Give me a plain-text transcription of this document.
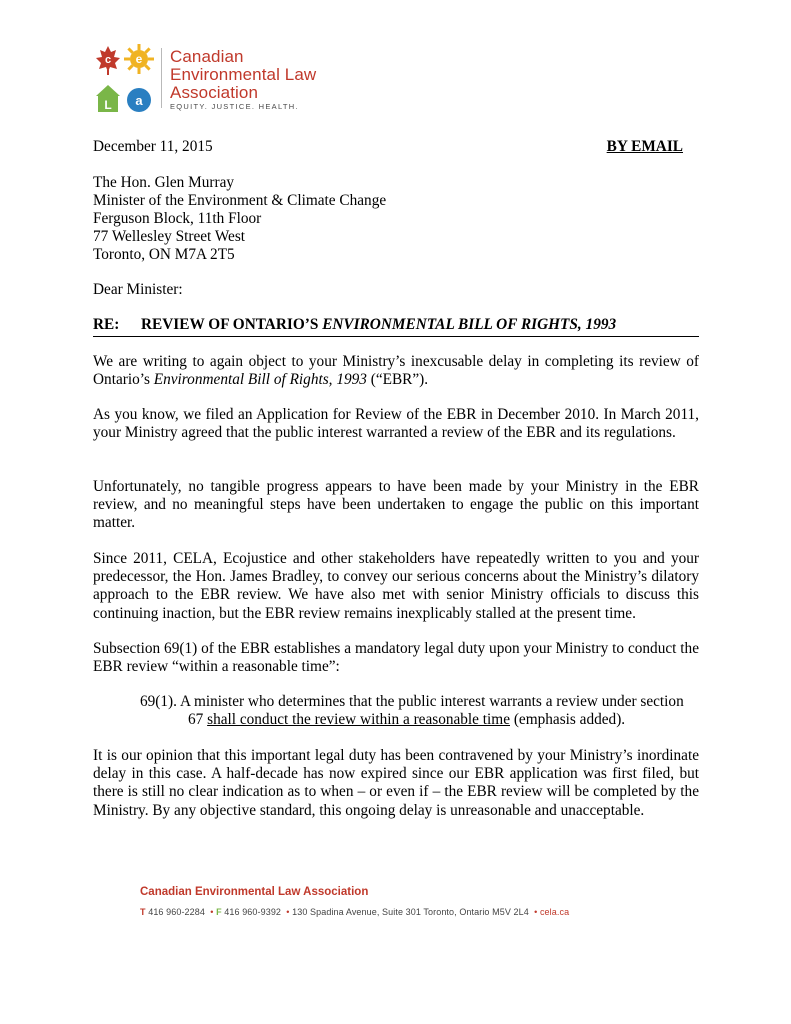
c e
L a
Canadian
Environmental Law
Association
EQUITY. JUSTICE. HEALTH.
December 11, 2015	BY EMAIL
The Hon. Glen Murray
Minister of the Environment & Climate Change
Ferguson Block, 11th Floor
77 Wellesley Street West
Toronto, ON M7A 2T5
Dear Minister:
RE: REVIEW OF ONTARIO’S ENVIRONMENTAL BILL OF RIGHTS, 1993
We are writing to again object to your Ministry’s inexcusable delay in completing its review of Ontario’s Environmental Bill of Rights, 1993 (“EBR”).
As you know, we filed an Application for Review of the EBR in December 2010. In March 2011, your Ministry agreed that the public interest warranted a review of the EBR and its regulations.
Unfortunately, no tangible progress appears to have been made by your Ministry in the EBR review, and no meaningful steps have been undertaken to engage the public on this important matter.
Since 2011, CELA, Ecojustice and other stakeholders have repeatedly written to you and your predecessor, the Hon. James Bradley, to convey our serious concerns about the Ministry’s dilatory approach to the EBR review. We have also met with senior Ministry officials to discuss this continuing inaction, but the EBR review remains inexplicably stalled at the present time.
Subsection 69(1) of the EBR establishes a mandatory legal duty upon your Ministry to conduct the EBR review “within a reasonable time”:
69(1). A minister who determines that the public interest warrants a review under section
67 shall conduct the review within a reasonable time (emphasis added).
It is our opinion that this important legal duty has been contravened by your Ministry’s inordinate delay in this case. A half-decade has now expired since our EBR application was first filed, but there is still no clear indication as to when – or even if – the EBR review will be completed by the Ministry. By any objective standard, this ongoing delay is unreasonable and unacceptable.
Canadian Environmental Law Association
T 416 960-2284 • F 416 960-9392 • 130 Spadina Avenue, Suite 301 Toronto, Ontario M5V 2L4 • cela.ca
